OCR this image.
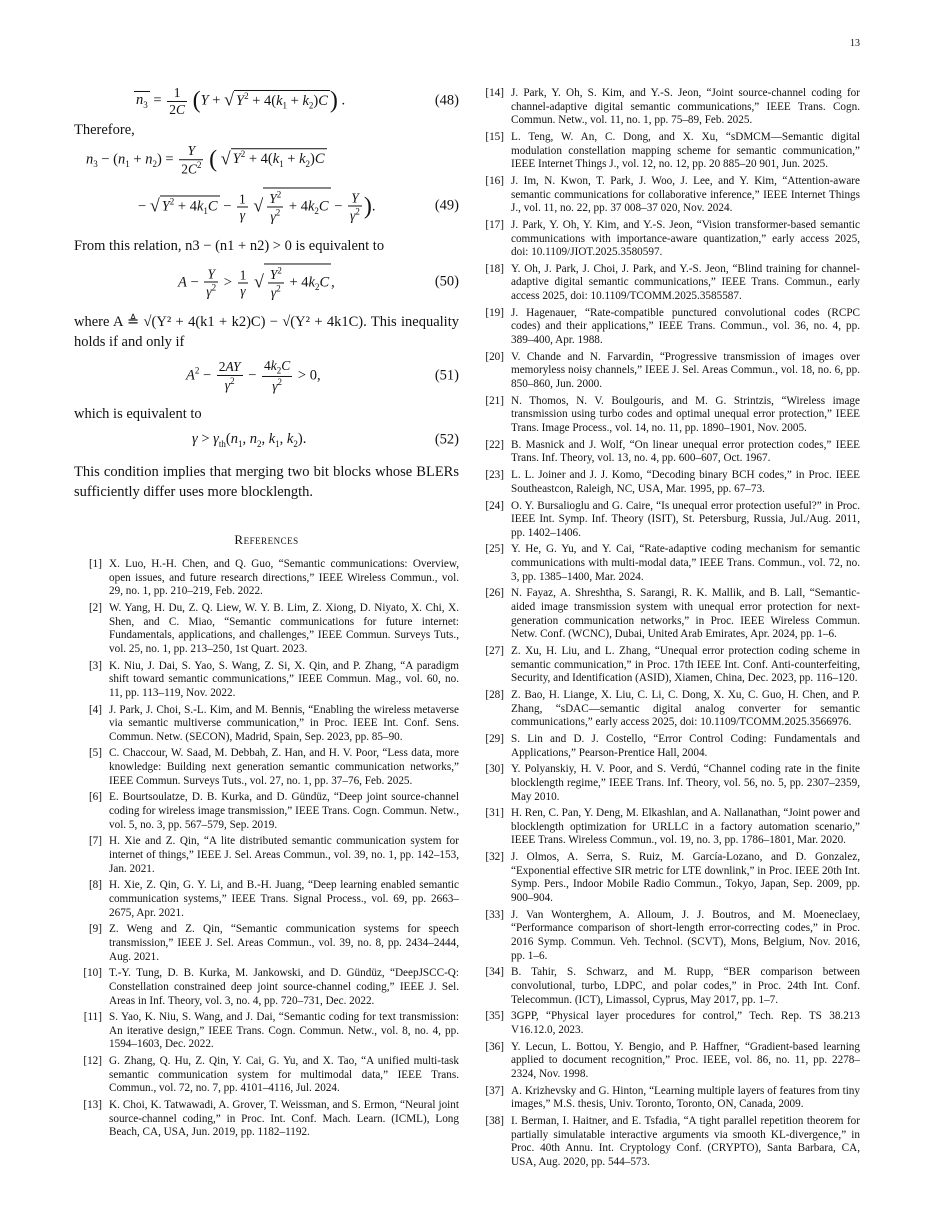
13
$n_3 = \frac{1}{2C} (Y$ + √ $Y^2 + 4(k_1 + k_2)C$) .	(48)

Therefore,

$n_3 - (n_1 + n_2) = \frac{Y}{2C^2}$ ( √ $Y^2 + 4(k_1 + k_2)C$
− √ $Y^2 + 4k_1C - \frac{1}{\gamma}$ √ $\frac{Y^2}{\gamma^2} + 4k_2C - \frac{Y}{\gamma^2}$ ).	(49)

From this relation, n3 − (n1 + n2) > 0 is equivalent to

$A - \frac{Y}{\gamma^2} > \frac{1}{\gamma}$ √ $\frac{Y^2}{\gamma^2} + 4k_2C$ ,	(50)

where A ≜ √(Y² + 4(k1 + k2)C) − √(Y² + 4k1C). This inequality holds if and only if

$A^2 - \frac{2AY}{\gamma^2} - \frac{4k_2C}{\gamma^2} > 0$,	(51)

which is equivalent to

$\gamma > \gamma_{th}(n_1$, $n_2$, $k_1$, $k_2$).	(52)

This condition implies that merging two bit blocks whose BLERs sufficiently differ uses more blocklength.

References
[1] X. Luo, H.-H. Chen, and Q. Guo, “Semantic communications: Overview, open issues, and future research directions,” IEEE Wireless Commun., vol. 29, no. 1, pp. 210–219, Feb. 2022.
[2] W. Yang, H. Du, Z. Q. Liew, W. Y. B. Lim, Z. Xiong, D. Niyato, X. Chi, X. Shen, and C. Miao, “Semantic communications for future internet: Fundamentals, applications, and challenges,” IEEE Commun. Surveys Tuts., vol. 25, no. 1, pp. 213–250, 1st Quart. 2023.
[3] K. Niu, J. Dai, S. Yao, S. Wang, Z. Si, X. Qin, and P. Zhang, “A paradigm shift toward semantic communications,” IEEE Commun. Mag., vol. 60, no. 11, pp. 113–119, Nov. 2022.
[4] J. Park, J. Choi, S.-L. Kim, and M. Bennis, “Enabling the wireless metaverse via semantic multiverse communication,” in Proc. IEEE Int. Conf. Sens. Commun. Netw. (SECON), Madrid, Spain, Sep. 2023, pp. 85–90.
[5] C. Chaccour, W. Saad, M. Debbah, Z. Han, and H. V. Poor, “Less data, more knowledge: Building next generation semantic communication networks,” IEEE Commun. Surveys Tuts., vol. 27, no. 1, pp. 37–76, Feb. 2025.
[6] E. Bourtsoulatze, D. B. Kurka, and D. Gündüz, “Deep joint source-channel coding for wireless image transmission,” IEEE Trans. Cogn. Commun. Netw., vol. 5, no. 3, pp. 567–579, Sep. 2019.
[7] H. Xie and Z. Qin, “A lite distributed semantic communication system for internet of things,” IEEE J. Sel. Areas Commun., vol. 39, no. 1, pp. 142–153, Jan. 2021.
[8] H. Xie, Z. Qin, G. Y. Li, and B.-H. Juang, “Deep learning enabled semantic communication systems,” IEEE Trans. Signal Process., vol. 69, pp. 2663–2675, Apr. 2021.
[9] Z. Weng and Z. Qin, “Semantic communication systems for speech transmission,” IEEE J. Sel. Areas Commun., vol. 39, no. 8, pp. 2434–2444, Aug. 2021.
[10] T.-Y. Tung, D. B. Kurka, M. Jankowski, and D. Gündüz, “DeepJSCC-Q: Constellation constrained deep joint source-channel coding,” IEEE J. Sel. Areas in Inf. Theory, vol. 3, no. 4, pp. 720–731, Dec. 2022.
[11] S. Yao, K. Niu, S. Wang, and J. Dai, “Semantic coding for text transmission: An iterative design,” IEEE Trans. Cogn. Commun. Netw., vol. 8, no. 4, pp. 1594–1603, Dec. 2022.
[12] G. Zhang, Q. Hu, Z. Qin, Y. Cai, G. Yu, and X. Tao, “A unified multi-task semantic communication system for multimodal data,” IEEE Trans. Commun., vol. 72, no. 7, pp. 4101–4116, Jul. 2024.
[13] K. Choi, K. Tatwawadi, A. Grover, T. Weissman, and S. Ermon, “Neural joint source-channel coding,” in Proc. Int. Conf. Mach. Learn. (ICML), Long Beach, CA, USA, Jun. 2019, pp. 1182–1192.
[14] J. Park, Y. Oh, S. Kim, and Y.-S. Jeon, “Joint source-channel coding for channel-adaptive digital semantic communications,” IEEE Trans. Cogn. Commun. Netw., vol. 11, no. 1, pp. 75–89, Feb. 2025.
[15] L. Teng, W. An, C. Dong, and X. Xu, “sDMCM—Semantic digital modulation constellation mapping scheme for semantic communication,” IEEE Internet Things J., vol. 12, no. 12, pp. 20 885–20 901, Jun. 2025.
[16] J. Im, N. Kwon, T. Park, J. Woo, J. Lee, and Y. Kim, “Attention-aware semantic communications for collaborative inference,” IEEE Internet Things J., vol. 11, no. 22, pp. 37 008–37 020, Nov. 2024.
[17] J. Park, Y. Oh, Y. Kim, and Y.-S. Jeon, “Vision transformer-based semantic communications with importance-aware quantization,” early access 2025, doi: 10.1109/JIOT.2025.3580597.
[18] Y. Oh, J. Park, J. Choi, J. Park, and Y.-S. Jeon, “Blind training for channel-adaptive digital semantic communications,” IEEE Trans. Commun., early access 2025, doi: 10.1109/TCOMM.2025.3585587.
[19] J. Hagenauer, “Rate-compatible punctured convolutional codes (RCPC codes) and their applications,” IEEE Trans. Commun., vol. 36, no. 4, pp. 389–400, Apr. 1988.
[20] V. Chande and N. Farvardin, “Progressive transmission of images over memoryless noisy channels,” IEEE J. Sel. Areas Commun., vol. 18, no. 6, pp. 850–860, Jun. 2000.
[21] N. Thomos, N. V. Boulgouris, and M. G. Strintzis, “Wireless image transmission using turbo codes and optimal unequal error protection,” IEEE Trans. Image Process., vol. 14, no. 11, pp. 1890–1901, Nov. 2005.
[22] B. Masnick and J. Wolf, “On linear unequal error protection codes,” IEEE Trans. Inf. Theory, vol. 13, no. 4, pp. 600–607, Oct. 1967.
[23] L. L. Joiner and J. J. Komo, “Decoding binary BCH codes,” in Proc. IEEE Southeastcon, Raleigh, NC, USA, Mar. 1995, pp. 67–73.
[24] O. Y. Bursalioglu and G. Caire, “Is unequal error protection useful?” in Proc. IEEE Int. Symp. Inf. Theory (ISIT), St. Petersburg, Russia, Jul./Aug. 2011, pp. 1402–1406.
[25] Y. He, G. Yu, and Y. Cai, “Rate-adaptive coding mechanism for semantic communications with multi-modal data,” IEEE Trans. Commun., vol. 72, no. 3, pp. 1385–1400, Mar. 2024.
[26] N. Fayaz, A. Shreshtha, S. Sarangi, R. K. Mallik, and B. Lall, “Semantic-aided image transmission system with unequal error protection for next-generation communication networks,” in Proc. IEEE Wireless Commun. Netw. Conf. (WCNC), Dubai, United Arab Emirates, Apr. 2024, pp. 1–6.
[27] Z. Xu, H. Liu, and L. Zhang, “Unequal error protection coding scheme in semantic communication,” in Proc. 17th IEEE Int. Conf. Anti-counterfeiting, Security, and Identification (ASID), Xiamen, China, Dec. 2023, pp. 116–120.
[28] Z. Bao, H. Liange, X. Liu, C. Li, C. Dong, X. Xu, C. Guo, H. Chen, and P. Zhang, “sDAC—semantic digital analog converter for semantic communications,” early access 2025, doi: 10.1109/TCOMM.2025.3566976.
[29] S. Lin and D. J. Costello, “Error Control Coding: Fundamentals and Applications,” Pearson-Prentice Hall, 2004.
[30] Y. Polyanskiy, H. V. Poor, and S. Verdú, “Channel coding rate in the finite blocklength regime,” IEEE Trans. Inf. Theory, vol. 56, no. 5, pp. 2307–2359, May 2010.
[31] H. Ren, C. Pan, Y. Deng, M. Elkashlan, and A. Nallanathan, “Joint power and blocklength optimization for URLLC in a factory automation scenario,” IEEE Trans. Wireless Commun., vol. 19, no. 3, pp. 1786–1801, Mar. 2020.
[32] J. Olmos, A. Serra, S. Ruiz, M. García-Lozano, and D. Gonzalez, “Exponential effective SIR metric for LTE downlink,” in Proc. IEEE 20th Int. Symp. Pers., Indoor Mobile Radio Commun., Tokyo, Japan, Sep. 2009, pp. 900–904.
[33] J. Van Wonterghem, A. Alloum, J. J. Boutros, and M. Moeneclaey, “Performance comparison of short-length error-correcting codes,” in Proc. 2016 Symp. Commun. Veh. Technol. (SCVT), Mons, Belgium, Nov. 2016, pp. 1–6.
[34] B. Tahir, S. Schwarz, and M. Rupp, “BER comparison between convolutional, turbo, LDPC, and polar codes,” in Proc. 24th Int. Conf. Telecommun. (ICT), Limassol, Cyprus, May 2017, pp. 1–7.
[35] 3GPP, “Physical layer procedures for control,” Tech. Rep. TS 38.213 V16.12.0, 2023.
[36] Y. Lecun, L. Bottou, Y. Bengio, and P. Haffner, “Gradient-based learning applied to document recognition,” Proc. IEEE, vol. 86, no. 11, pp. 2278–2324, Nov. 1998.
[37] A. Krizhevsky and G. Hinton, “Learning multiple layers of features from tiny images,” M.S. thesis, Univ. Toronto, Toronto, ON, Canada, 2009.
[38] I. Berman, I. Haitner, and E. Tsfadia, “A tight parallel repetition theorem for partially simulatable interactive arguments via smooth KL-divergence,” in Proc. 40th Annu. Int. Cryptology Conf. (CRYPTO), Santa Barbara, CA, USA, Aug. 2020, pp. 544–573.
